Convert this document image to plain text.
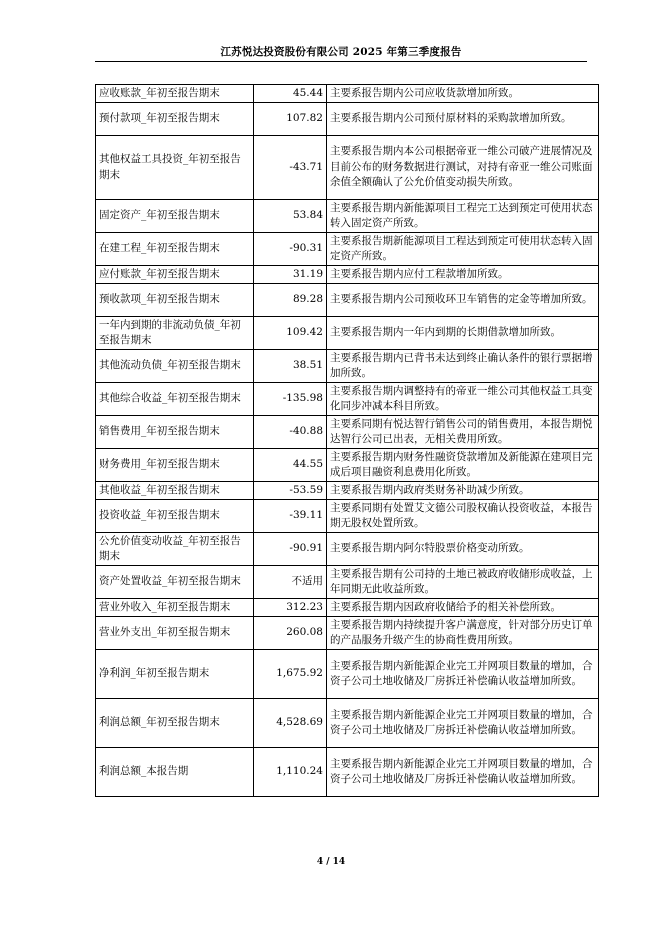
江苏悦达投资股份有限公司 2025 年第三季度报告
应收账款_年初至报告期末	45.44	主要系报告期内公司应收货款增加所致。
预付款项_年初至报告期末	107.82	主要系报告期内公司预付原材料的采购款增加所致。
其他权益工具投资_年初至报告期末	-43.71	主要系报告期内本公司根据帝亚一维公司破产进展情况及目前公布的财务数据进行测试，对持有帝亚一维公司账面余值全额确认了公允价值变动损失所致。
固定资产_年初至报告期末	53.84	主要系报告期内新能源项目工程完工达到预定可使用状态转入固定资产所致。
在建工程_年初至报告期末	-90.31	主要系报告期新能源项目工程达到预定可使用状态转入固定资产所致。
应付账款_年初至报告期末	31.19	主要系报告期内应付工程款增加所致。
预收款项_年初至报告期末	89.28	主要系报告期内公司预收环卫车销售的定金等增加所致。
一年内到期的非流动负债_年初至报告期末	109.42	主要系报告期内一年内到期的长期借款增加所致。
其他流动负债_年初至报告期末	38.51	主要系报告期内已背书未达到终止确认条件的银行票据增加所致。
其他综合收益_年初至报告期末	-135.98	主要系报告期内调整持有的帝亚一维公司其他权益工具变化同步冲减本科目所致。
销售费用_年初至报告期末	-40.88	主要系同期有悦达智行销售公司的销售费用，本报告期悦达智行公司已出表，无相关费用所致。
财务费用_年初至报告期末	44.55	主要系报告期内财务性融资贷款增加及新能源在建项目完成后项目融资利息费用化所致。
其他收益_年初至报告期末	-53.59	主要系报告期内政府类财务补助减少所致。
投资收益_年初至报告期末	-39.11	主要系同期有处置艾文德公司股权确认投资收益，本报告期无股权处置所致。
公允价值变动收益_年初至报告期末	-90.91	主要系报告期内阿尔特股票价格变动所致。
资产处置收益_年初至报告期末	不适用	主要系报告期有公司持的土地已被政府收储形成收益，上年同期无此收益所致。
营业外收入_年初至报告期末	312.23	主要系报告期内因政府收储给予的相关补偿所致。
营业外支出_年初至报告期末	260.08	主要系报告期内持续提升客户满意度，针对部分历史订单的产品服务升级产生的协商性费用所致。
净利润_年初至报告期末	1,675.92	主要系报告期内新能源企业完工并网项目数量的增加，合资子公司土地收储及厂房拆迁补偿确认收益增加所致。
利润总额_年初至报告期末	4,528.69	主要系报告期内新能源企业完工并网项目数量的增加，合资子公司土地收储及厂房拆迁补偿确认收益增加所致。
利润总额_本报告期	1,110.24	主要系报告期内新能源企业完工并网项目数量的增加，合资子公司土地收储及厂房拆迁补偿确认收益增加所致。
4 / 14
